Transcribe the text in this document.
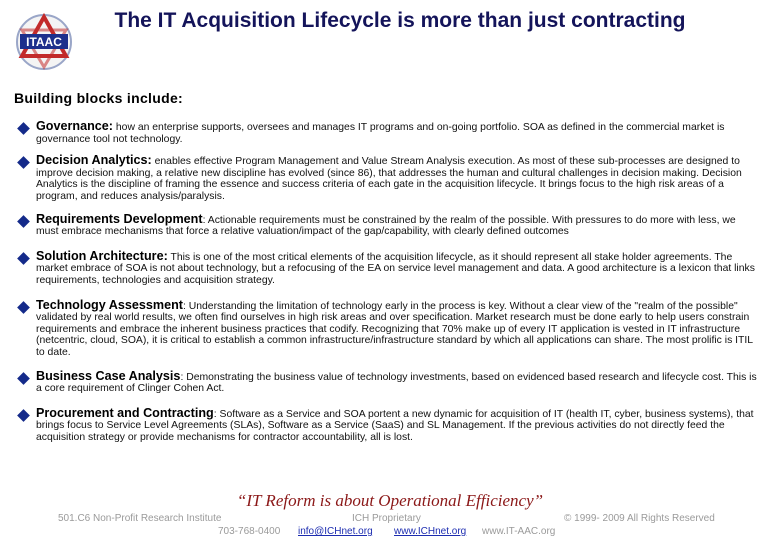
ITAAC
The IT Acquisition Lifecycle is more than just contracting
Building blocks include:
Governance: how an enterprise supports, oversees and manages IT programs and on-going portfolio. SOA as defined in the commercial market is governance tool not technology.
Decision Analytics: enables effective Program Management and Value Stream Analysis execution. As most of these sub-processes are designed to improve decision making, a relative new discipline has evolved (since 86), that addresses the human and cultural challenges in decision making. Decision Analytics is the discipline of framing the essence and success criteria of each gate in the acquisition lifecycle. It brings focus to the high risk areas of a program, and reduces analysis/paralysis.
Requirements Development: Actionable requirements must be constrained by the realm of the possible. With pressures to do more with less, we must embrace mechanisms that force a relative valuation/impact of the gap/capability, with clearly defined outcomes
Solution Architecture: This is one of the most critical elements of the acquisition lifecycle, as it should represent all stake holder agreements. The market embrace of SOA is not about technology, but a refocusing of the EA on service level management and data. A good architecture is a lexicon that links requirements, technologies and acquisition strategy.
Technology Assessment: Understanding the limitation of technology early in the process is key. Without a clear view of the "realm of the possible" validated by real world results, we often find ourselves in high risk areas and over specification. Market research must be done early to help users constrain requirements and embrace the inherent business practices that codify. Recognizing that 70% make up of every IT application is vested in IT infrastructure (netcentric, cloud, SOA), it is critical to establish a common infrastructure/infrastructure standard by which all applications can share. The most prolific is ITIL to date.
Business Case Analysis: Demonstrating the business value of technology investments, based on evidenced based research and lifecycle cost. This is a core requirement of Clinger Cohen Act.
Procurement and Contracting: Software as a Service and SOA portent a new dynamic for acquisition of IT (health IT, cyber, business systems), that brings focus to Service Level Agreements (SLAs), Software as a Service (SaaS) and SL Management. If the previous activities do not directly feed the acquisition strategy or provide mechanisms for contractor accountability, all is lost.
“IT Reform is about Operational Efficiency”
501.C6 Non-Profit Research Institute	ICH Proprietary	© 1999- 2009 All Rights Reserved
703-768-0400 info@ICHnet.org www.ICHnet.org www.IT-AAC.org
